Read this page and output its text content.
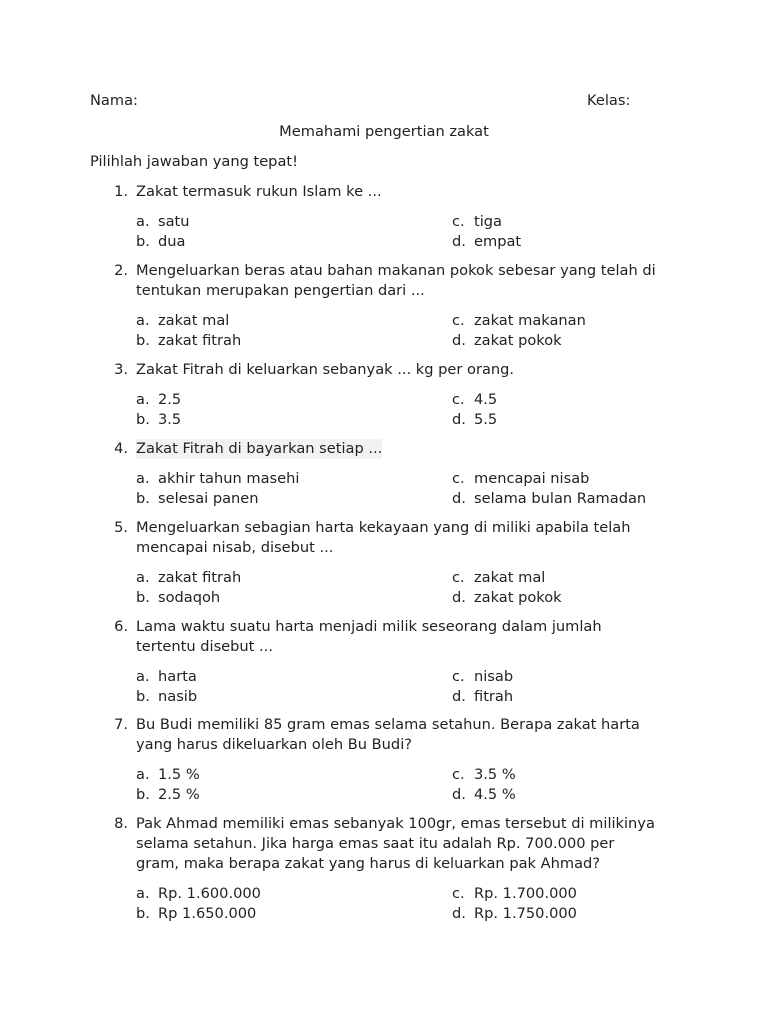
Nama:	Kelas:
Memahami pengertian zakat
Pilihlah jawaban yang tepat!
1. Zakat termasuk rukun Islam ke ...
a. satu
b. dua
c. tiga
d. empat
2. Mengeluarkan beras atau bahan makanan pokok sebesar yang telah di
tentukan merupakan pengertian dari ...
a. zakat mal
b. zakat fitrah
c. zakat makanan
d. zakat pokok
3. Zakat Fitrah di keluarkan sebanyak ... kg per orang.
a. 2.5
b. 3.5
c. 4.5
d. 5.5
4. Zakat Fitrah di bayarkan setiap ...
a. akhir tahun masehi
b. selesai panen
c. mencapai nisab
d. selama bulan Ramadan
5. Mengeluarkan sebagian harta kekayaan yang di miliki apabila telah
mencapai nisab, disebut ...
a. zakat fitrah
b. sodaqoh
c. zakat mal
d. zakat pokok
6. Lama waktu suatu harta menjadi milik seseorang dalam jumlah
tertentu disebut ...
a. harta
b. nasib
c. nisab
d. fitrah
7. Bu Budi memiliki 85 gram emas selama setahun. Berapa zakat harta
yang harus dikeluarkan oleh Bu Budi?
a. 1.5 %
b. 2.5 %
c. 3.5 %
d. 4.5 %
8. Pak Ahmad memiliki emas sebanyak 100gr, emas tersebut di milikinya
selama setahun. Jika harga emas saat itu adalah Rp. 700.000 per
gram, maka berapa zakat yang harus di keluarkan pak Ahmad?
a. Rp. 1.600.000
b. Rp 1.650.000
c. Rp. 1.700.000
d. Rp. 1.750.000
